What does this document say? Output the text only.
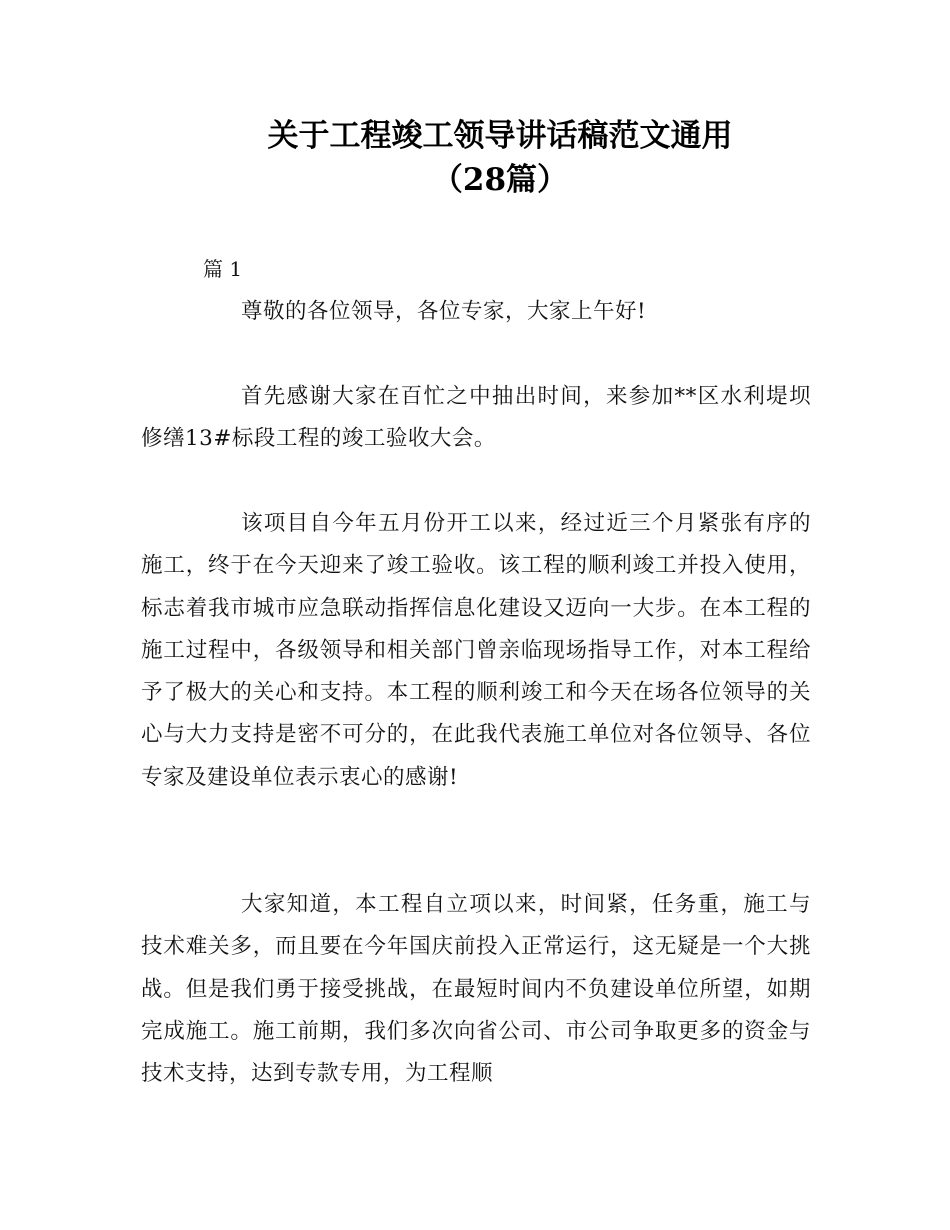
关于工程竣工领导讲话稿范文通用
（28篇）
篇 1

尊敬的各位领导，各位专家，大家上午好!

首先感谢大家在百忙之中抽出时间，来参加**区水利堤坝修缮13#标段工程的竣工验收大会。

该项目自今年五月份开工以来，经过近三个月紧张有序的施工，终于在今天迎来了竣工验收。该工程的顺利竣工并投入使用，标志着我市城市应急联动指挥信息化建设又迈向一大步。在本工程的施工过程中，各级领导和相关部门曾亲临现场指导工作，对本工程给予了极大的关心和支持。本工程的顺利竣工和今天在场各位领导的关心与大力支持是密不可分的，在此我代表施工单位对各位领导、各位专家及建设单位表示衷心的感谢!

大家知道，本工程自立项以来，时间紧，任务重，施工与技术难关多，而且要在今年国庆前投入正常运行，这无疑是一个大挑战。但是我们勇于接受挑战，在最短时间内不负建设单位所望，如期完成施工。施工前期，我们多次向省公司、市公司争取更多的资金与技术支持，达到专款专用，为工程顺
